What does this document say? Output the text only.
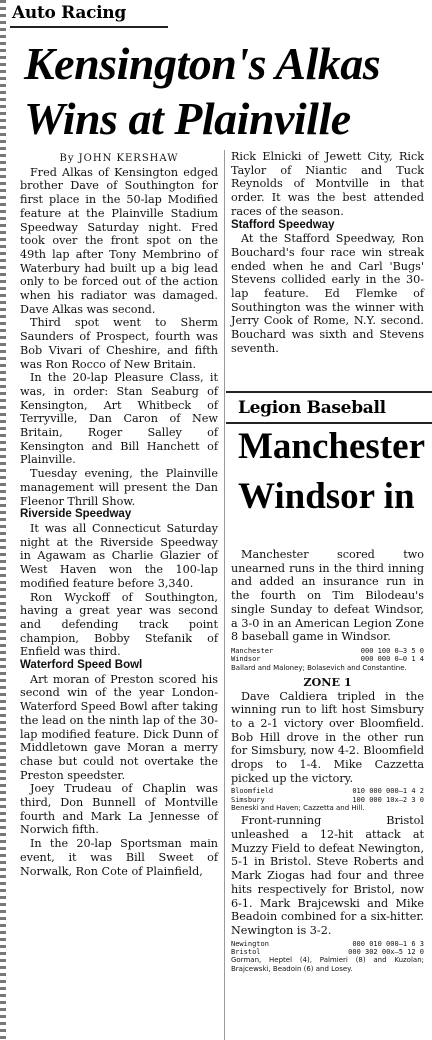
Auto Racing
Kensington's Alkas
Wins at Plainville

By JOHN KERSHAW

Fred Alkas of Kensington edged brother Dave of Southington for first place in the 50-lap Modified feature at the Plainville Stadium Speedway Saturday night. Fred took over the front spot on the 49th lap after Tony Membrino of Waterbury had built up a big lead only to be forced out of the action when his radiator was damaged. Dave Alkas was second.

Third spot went to Sherm Saunders of Prospect, fourth was Bob Vivari of Cheshire, and fifth was Ron Rocco of New Britain.

In the 20-lap Pleasure Class, it was, in order: Stan Seaburg of Kensington, Art Whitbeck of Terryville, Dan Caron of New Britain, Roger Salley of Kensington and Bill Hanchett of Plainville.

Tuesday evening, the Plainville management will present the Dan Fleenor Thrill Show.

Riverside Speedway

It was all Connecticut Saturday night at the Riverside Speedway in Agawam as Charlie Glazier of West Haven won the 100-lap modified feature before 3,340.

Ron Wyckoff of Southington, having a great year was second and defending track point champion, Bobby Stefanik of Enfield was third.

Waterford Speed Bowl

Art moran of Preston scored his second win of the year London-Waterford Speed Bowl after taking the lead on the ninth lap of the 30-lap modified feature. Dick Dunn of Middletown gave Moran a merry chase but could not overtake the Preston speedster.

Joey Trudeau of Chaplin was third, Don Bunnell of Montville fourth and Mark La Jennesse of Norwich fifth.

In the 20-lap Sportsman main event, it was Bill Sweet of Norwalk, Ron Cote of Plainfield,

Rick Elnicki of Jewett City, Rick Taylor of Niantic and Tuck Reynolds of Montville in that order. It was the best attended races of the season.

Stafford Speedway

At the Stafford Speedway, Ron Bouchard's four race win streak ended when he and Carl 'Bugs' Stevens collided early in the 30-lap feature. Ed Flemke of Southington was the winner with Jerry Cook of Rome, N.Y. second. Bouchard was sixth and Stevens seventh.

Legion Baseball
Manchester
Windsor in

Manchester scored two unearned runs in the third inning and added an insurance run in the fourth on Tim Bilodeau's single Sunday to defeat Windsor, a 3-0 in an American Legion Zone 8 baseball game in Windsor.

Manchester	000 100 0—3 5 0
Windsor	000 000 0—0 1 4
Ballard and Maloney; Bolasevich and Constantine.

ZONE 1

Dave Caldiera tripled in the winning run to lift host Simsbury to a 2-1 victory over Bloomfield. Bob Hill drove in the other run for Simsbury, now 4-2. Bloomfield drops to 1-4. Mike Cazzetta picked up the victory.

Bloomfield	010 000 000—1 4 2
Simsbury	100 000 10x—2 3 0
Beneski and Haven; Cazzetta and Hill.

Front-running Bristol unleashed a 12-hit attack at Muzzy Field to defeat Newington, 5-1 in Bristol. Steve Roberts and Mark Ziogas had four and three hits respectively for Bristol, now 6-1. Mark Brajcewski and Mike Beadoin combined for a six-hitter. Newington is 3-2.

Newington	000 010 000—1 6 3
Bristol	000 302 00x—5 12 0
Gorman, Heptel (4), Palmieri (8) and Kuzolan; Brajcewski, Beadoin (6) and Losey.
